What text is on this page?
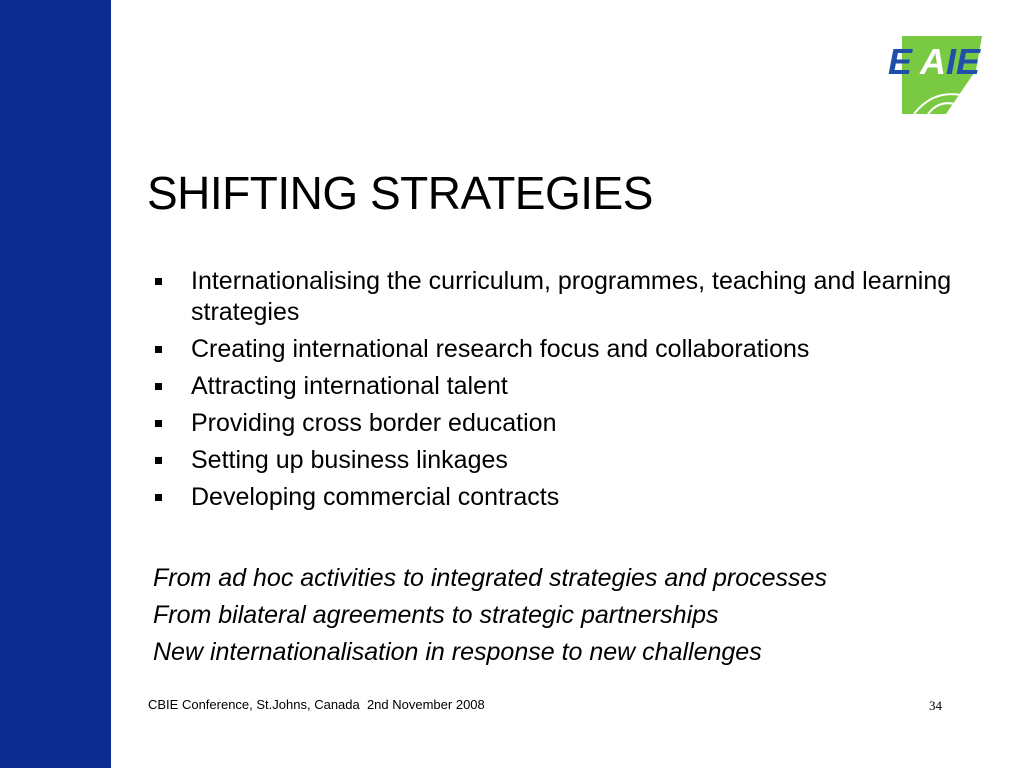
E A IE
SHIFTING STRATEGIES
Internationalising the curriculum, programmes, teaching and learning strategies
Creating international research focus and collaborations
Attracting international talent
Providing cross border education
Setting up business linkages
Developing commercial contracts
From ad hoc activities to integrated strategies and processes
From bilateral agreements to strategic partnerships
New internationalisation in response to new challenges
CBIE Conference, St.Johns, Canada  2nd November 2008	34
